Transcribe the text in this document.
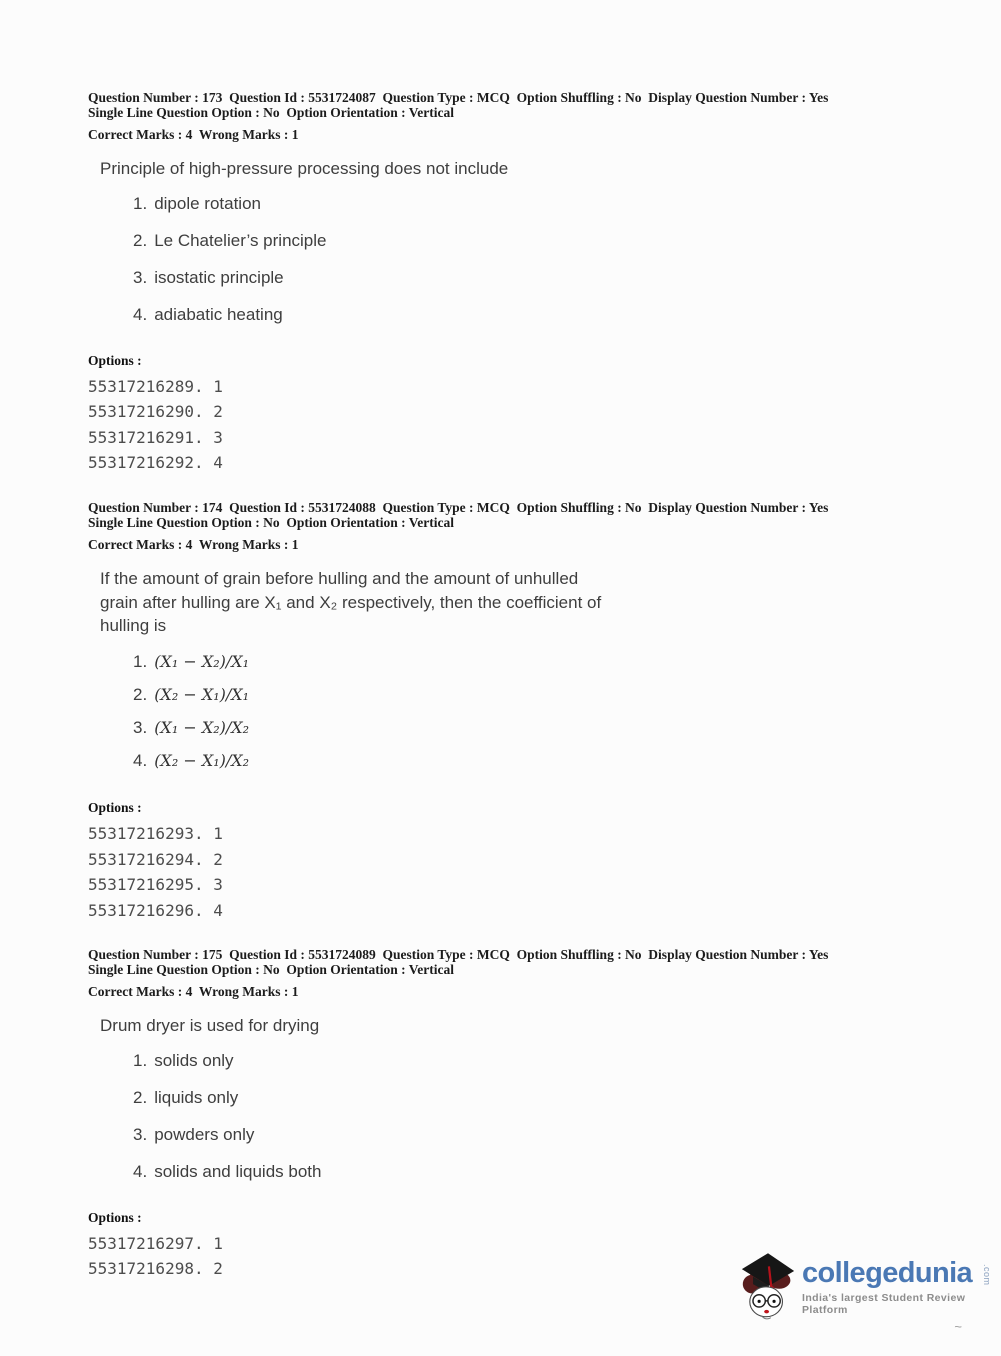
Question Number : 173  Question Id : 5531724087  Question Type : MCQ  Option Shuffling : No  Display Question Number : Yes
Single Line Question Option : No  Option Orientation : Vertical
Correct Marks : 4  Wrong Marks : 1
Principle of high-pressure processing does not include
1. dipole rotation
2. Le Chatelier’s principle
3. isostatic principle
4. adiabatic heating
Options :
55317216289. 1
55317216290. 2
55317216291. 3
55317216292. 4
Question Number : 174  Question Id : 5531724088  Question Type : MCQ  Option Shuffling : No  Display Question Number : Yes
Single Line Question Option : No  Option Orientation : Vertical
Correct Marks : 4  Wrong Marks : 1
If the amount of grain before hulling and the amount of unhulled grain after hulling are X₁ and X₂ respectively, then the coefficient of hulling is
1. (X₁ − X₂)/X₁
2. (X₂ − X₁)/X₁
3. (X₁ − X₂)/X₂
4. (X₂ − X₁)/X₂
Options :
55317216293. 1
55317216294. 2
55317216295. 3
55317216296. 4
Question Number : 175  Question Id : 5531724089  Question Type : MCQ  Option Shuffling : No  Display Question Number : Yes
Single Line Question Option : No  Option Orientation : Vertical
Correct Marks : 4  Wrong Marks : 1
Drum dryer is used for drying
1. solids only
2. liquids only
3. powders only
4. solids and liquids both
Options :
55317216297. 1
55317216298. 2	collegedunia	.com
India's largest Student Review Platform
~
